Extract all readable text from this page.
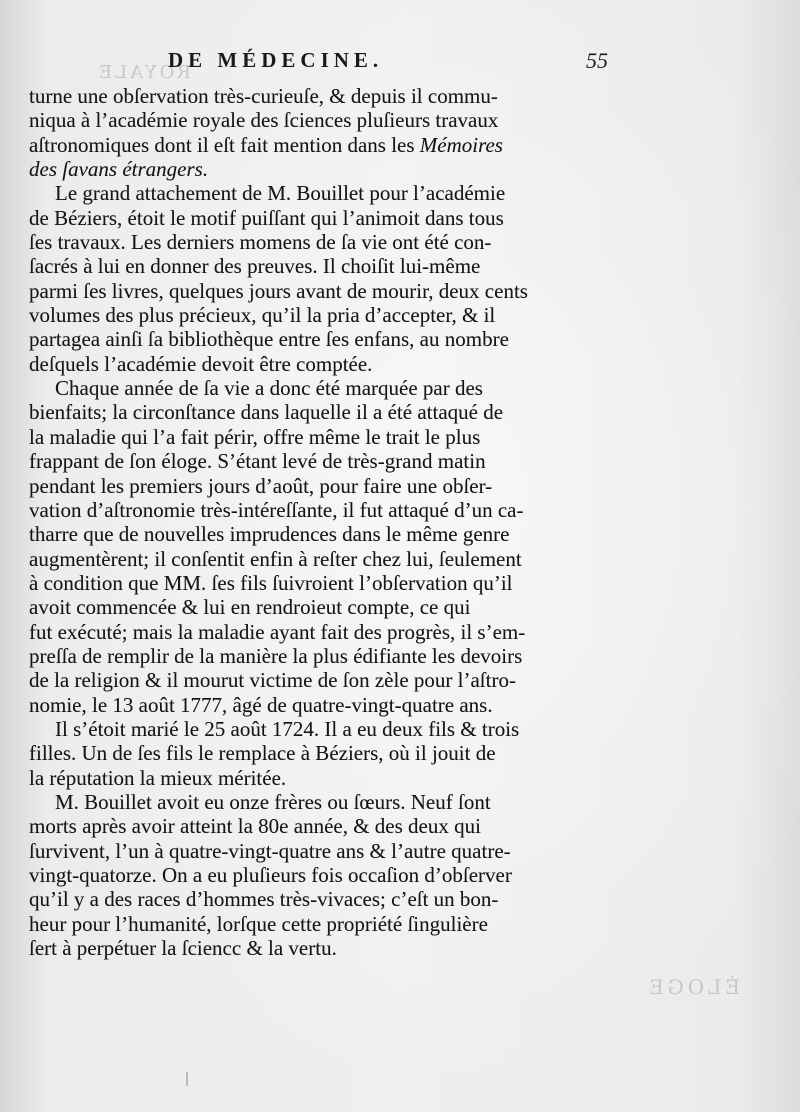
ROYALE
ÉLOGE
DE MÉDECINE.	55
turne une obſervation très-curieuſe, & depuis il commu-
niqua à l’académie royale des ſciences pluſieurs travaux
aſtronomiques dont il eſt fait mention dans les Mémoires
des ſavans étrangers.
Le grand attachement de M. Bouillet pour l’académie
de Béziers, étoit le motif puiſſant qui l’animoit dans tous
ſes travaux. Les derniers momens de ſa vie ont été con-
ſacrés à lui en donner des preuves. Il choiſit lui-même
parmi ſes livres, quelques jours avant de mourir, deux cents
volumes des plus précieux, qu’il la pria d’accepter, & il
partagea ainſi ſa bibliothèque entre ſes enfans, au nombre
deſquels l’académie devoit être comptée.
Chaque année de ſa vie a donc été marquée par des
bienfaits; la circonſtance dans laquelle il a été attaqué de
la maladie qui l’a fait périr, offre même le trait le plus
frappant de ſon éloge. S’étant levé de très-grand matin
pendant les premiers jours d’août, pour faire une obſer-
vation d’aſtronomie très-intéreſſante, il fut attaqué d’un ca-
tharre que de nouvelles imprudences dans le même genre
augmentèrent; il conſentit enfin à reſter chez lui, ſeulement
à condition que MM. ſes fils ſuivroient l’obſervation qu’il
avoit commencée & lui en rendroieut compte, ce qui
fut exécuté; mais la maladie ayant fait des progrès, il s’em-
preſſa de remplir de la manière la plus édifiante les devoirs
de la religion & il mourut victime de ſon zèle pour l’aſtro-
nomie, le 13 août 1777, âgé de quatre-vingt-quatre ans.
Il s’étoit marié le 25 août 1724. Il a eu deux fils & trois
filles. Un de ſes fils le remplace à Béziers, où il jouit de
la réputation la mieux méritée.
M. Bouillet avoit eu onze frères ou ſœurs. Neuf ſont
morts après avoir atteint la 80e année, & des deux qui
ſurvivent, l’un à quatre-vingt-quatre ans & l’autre quatre-
vingt-quatorze. On a eu pluſieurs fois occaſion d’obſerver
qu’il y a des races d’hommes très-vivaces; c’eſt un bon-
heur pour l’humanité, lorſque cette propriété ſingulière
ſert à perpétuer la ſciencc & la vertu.
